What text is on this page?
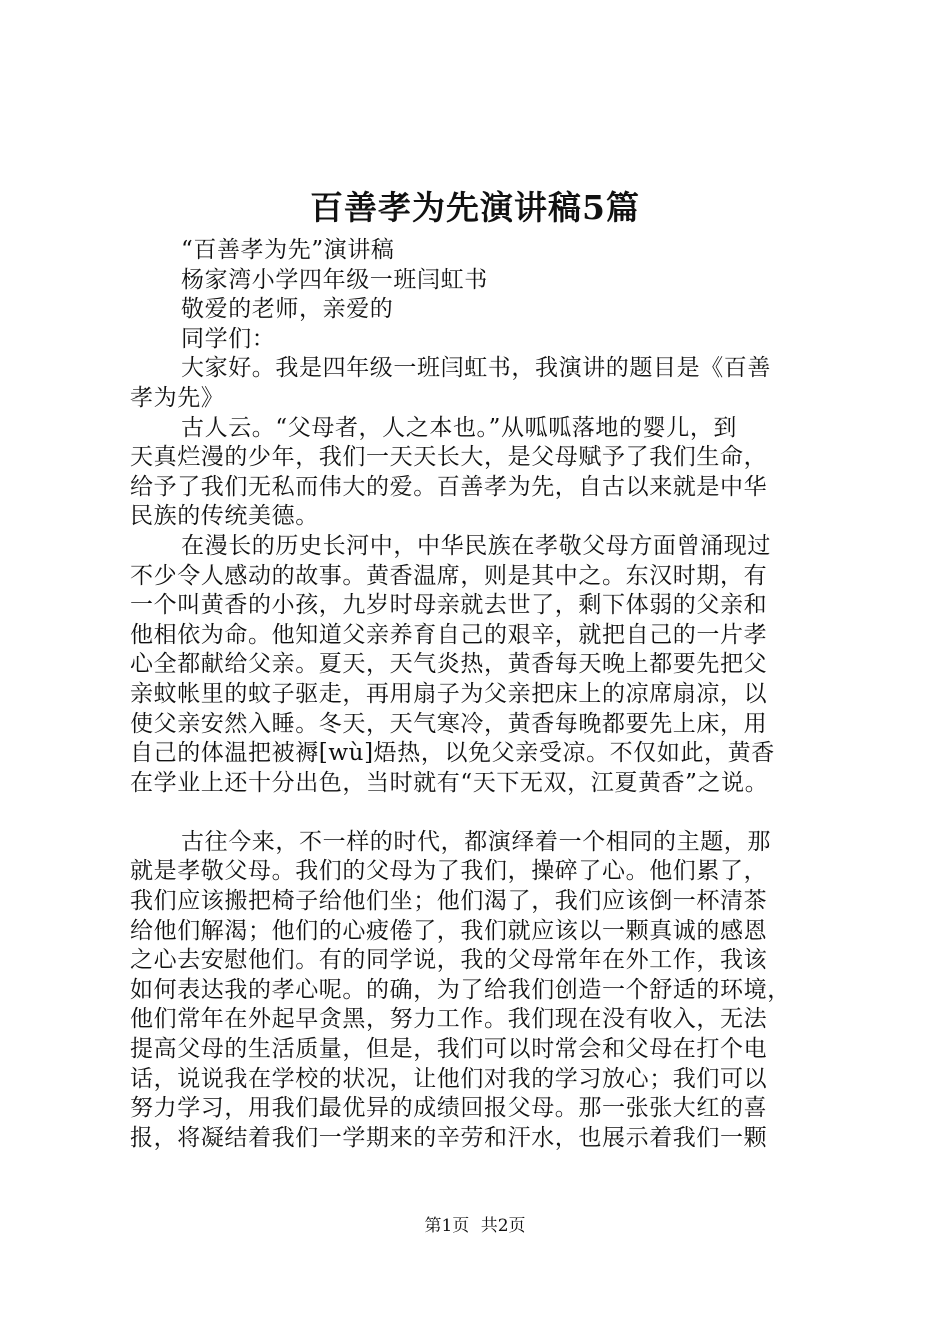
百善孝为先演讲稿5篇

“百善孝为先”演讲稿

杨家湾小学四年级一班闫虹书

敬爱的老师，亲爱的

同学们：

大家好。我是四年级一班闫虹书，我演讲的题目是《百善

孝为先》

古人云。“父母者，人之本也。”从呱呱落地的婴儿，到

天真烂漫的少年，我们一天天长大，是父母赋予了我们生命，

给予了我们无私而伟大的爱。百善孝为先，自古以来就是中华

民族的传统美德。

在漫长的历史长河中，中华民族在孝敬父母方面曾涌现过

不少令人感动的故事。黄香温席，则是其中之。东汉时期，有

一个叫黄香的小孩，九岁时母亲就去世了，剩下体弱的父亲和

他相依为命。他知道父亲养育自己的艰辛，就把自己的一片孝

心全都献给父亲。夏天，天气炎热，黄香每天晚上都要先把父

亲蚊帐里的蚊子驱走，再用扇子为父亲把床上的凉席扇凉，以

使父亲安然入睡。冬天，天气寒冷，黄香每晚都要先上床，用

自己的体温把被褥[wù]焐热，以免父亲受凉。不仅如此，黄香

在学业上还十分出色，当时就有“天下无双，江夏黄香”之说。

古往今来，不一样的时代，都演绎着一个相同的主题，那

就是孝敬父母。我们的父母为了我们，操碎了心。他们累了，

我们应该搬把椅子给他们坐；他们渴了，我们应该倒一杯清茶

给他们解渴；他们的心疲倦了，我们就应该以一颗真诚的感恩

之心去安慰他们。有的同学说，我的父母常年在外工作，我该

如何表达我的孝心呢。的确，为了给我们创造一个舒适的环境，

他们常年在外起早贪黑，努力工作。我们现在没有收入，无法

提高父母的生活质量，但是，我们可以时常会和父母在打个电

话，说说我在学校的状况，让他们对我的学习放心；我们可以

努力学习，用我们最优异的成绩回报父母。那一张张大红的喜

报，将凝结着我们一学期来的辛劳和汗水，也展示着我们一颗

第1页 共2页
